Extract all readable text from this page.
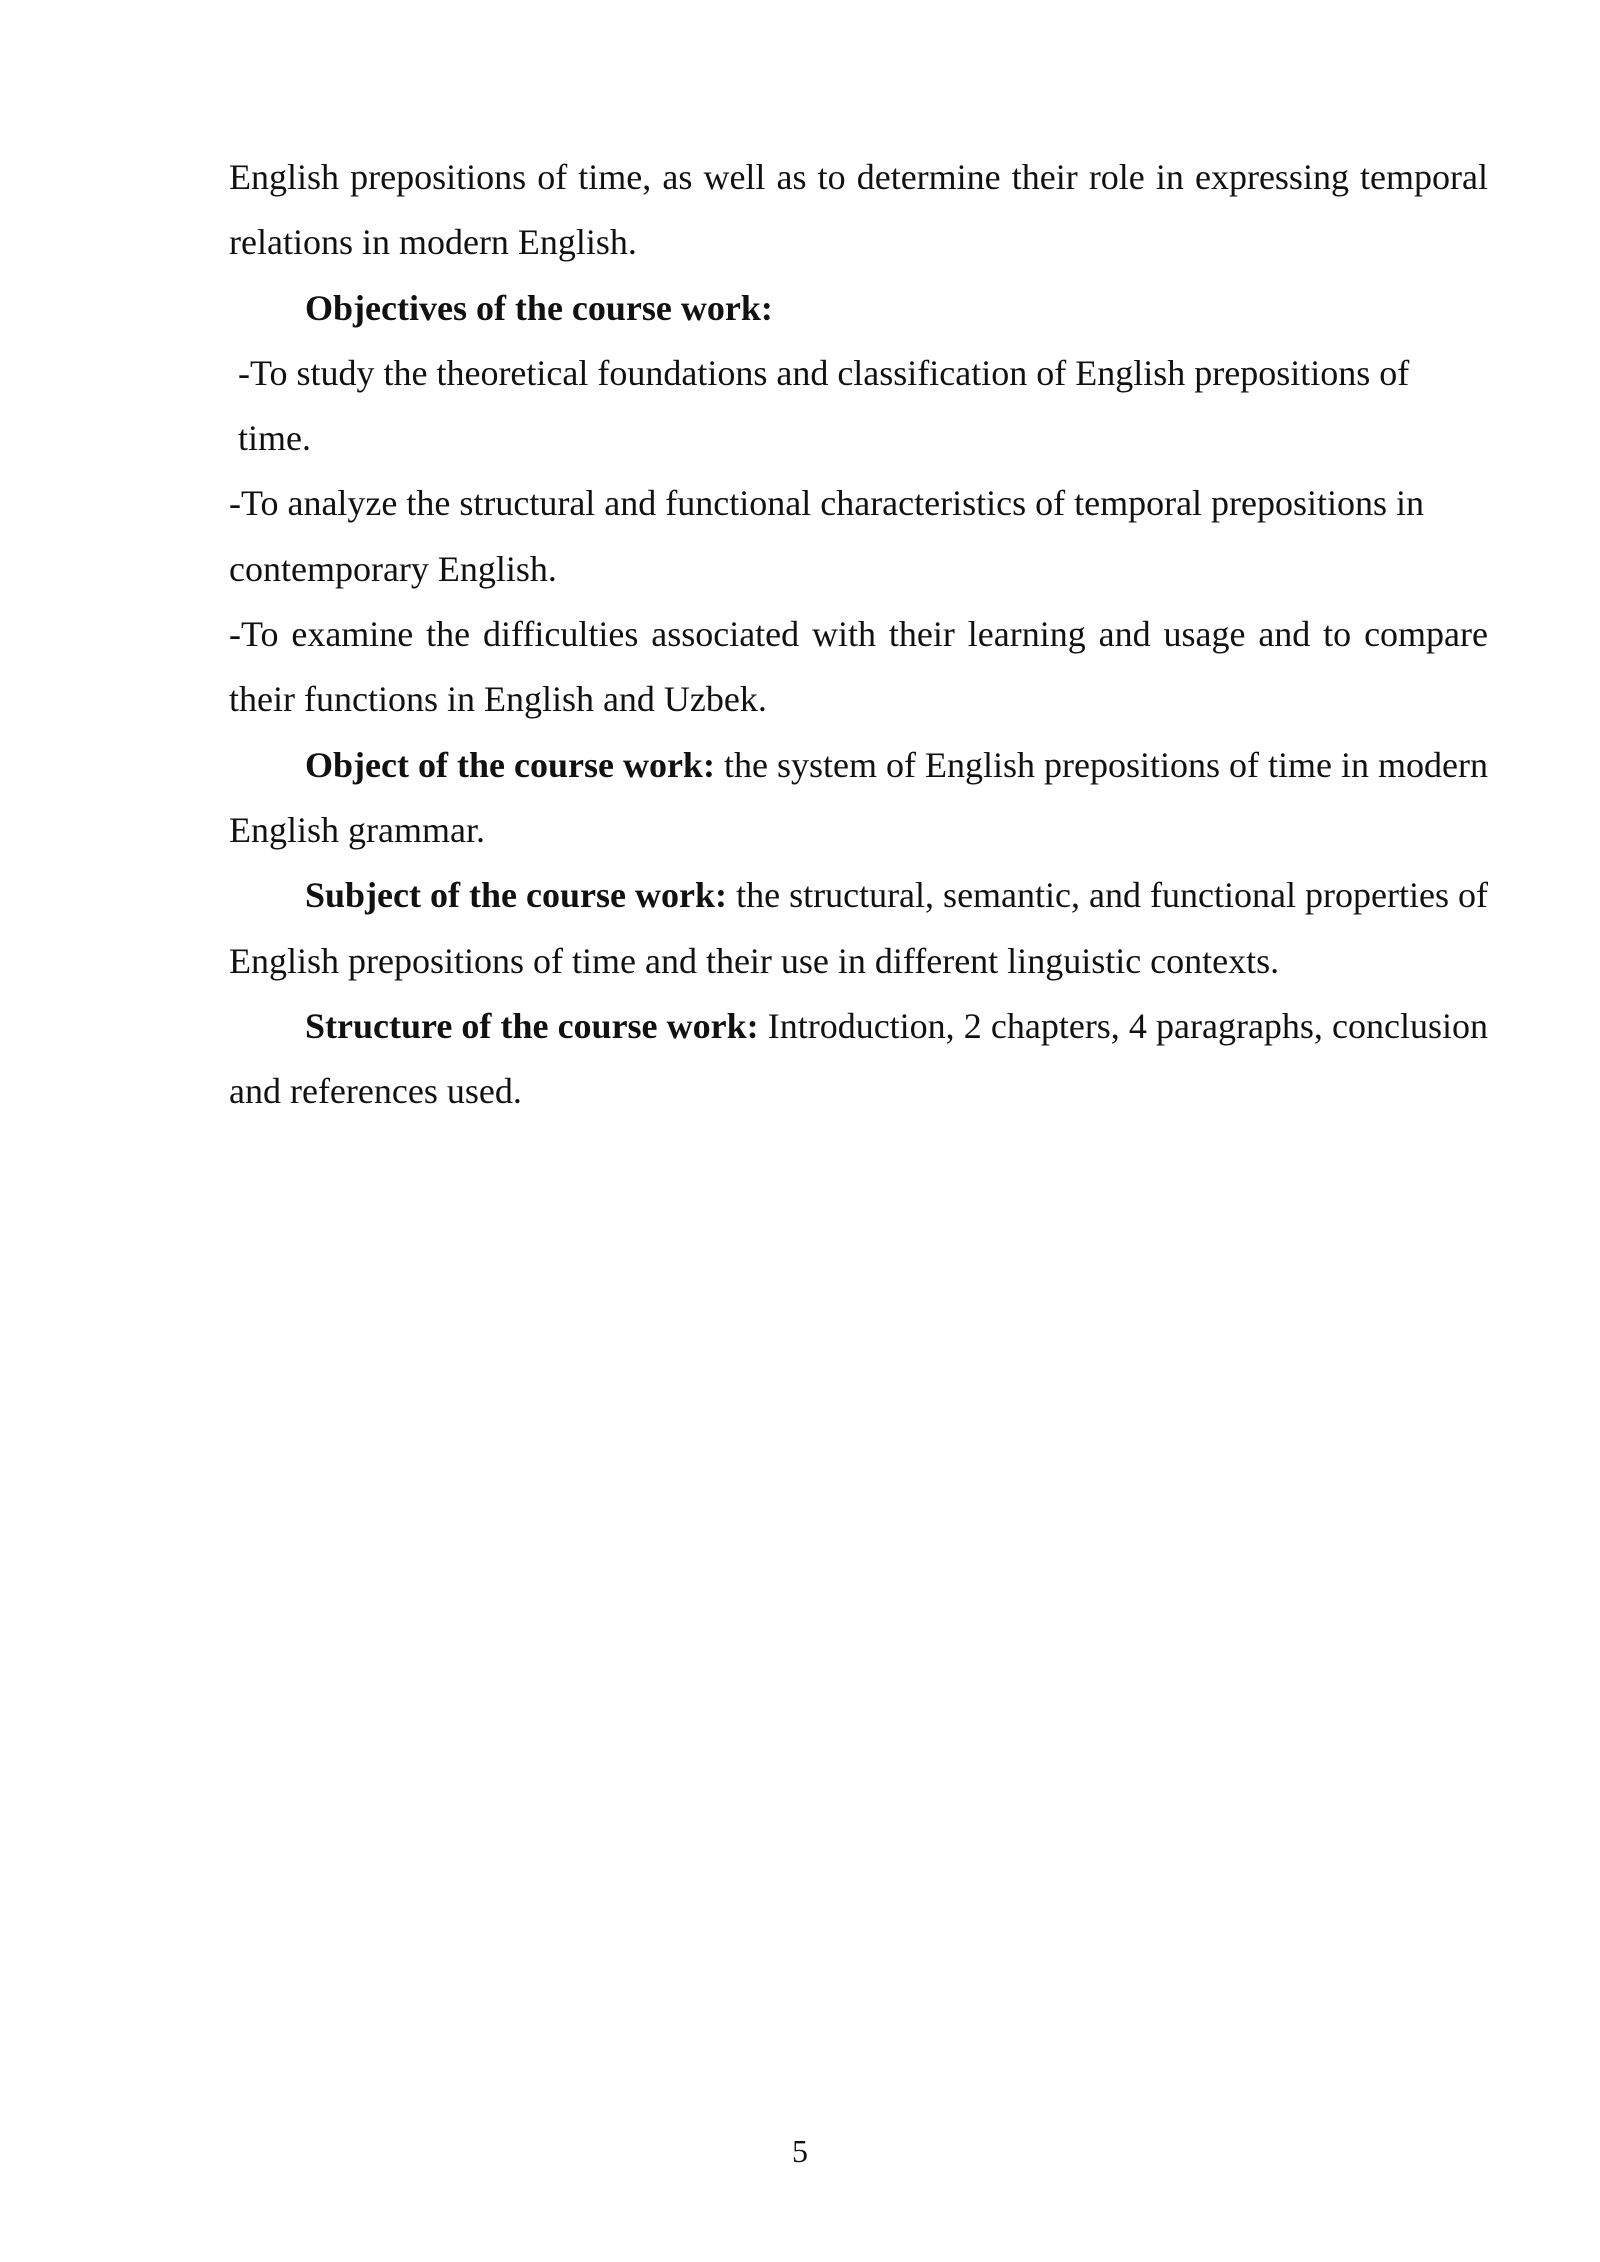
English prepositions of time, as well as to determine their role in expressing temporal relations in modern English.

Objectives of the course work:

-To study the theoretical foundations and classification of English prepositions of time.

-To analyze the structural and functional characteristics of temporal prepositions in contemporary English.

-To examine the difficulties associated with their learning and usage and to compare their functions in English and Uzbek.

Object of the course work: the system of English prepositions of time in modern English grammar.

Subject of the course work: the structural, semantic, and functional properties of English prepositions of time and their use in different linguistic contexts.

Structure of the course work: Introduction, 2 chapters, 4 paragraphs, conclusion and references used.

5
